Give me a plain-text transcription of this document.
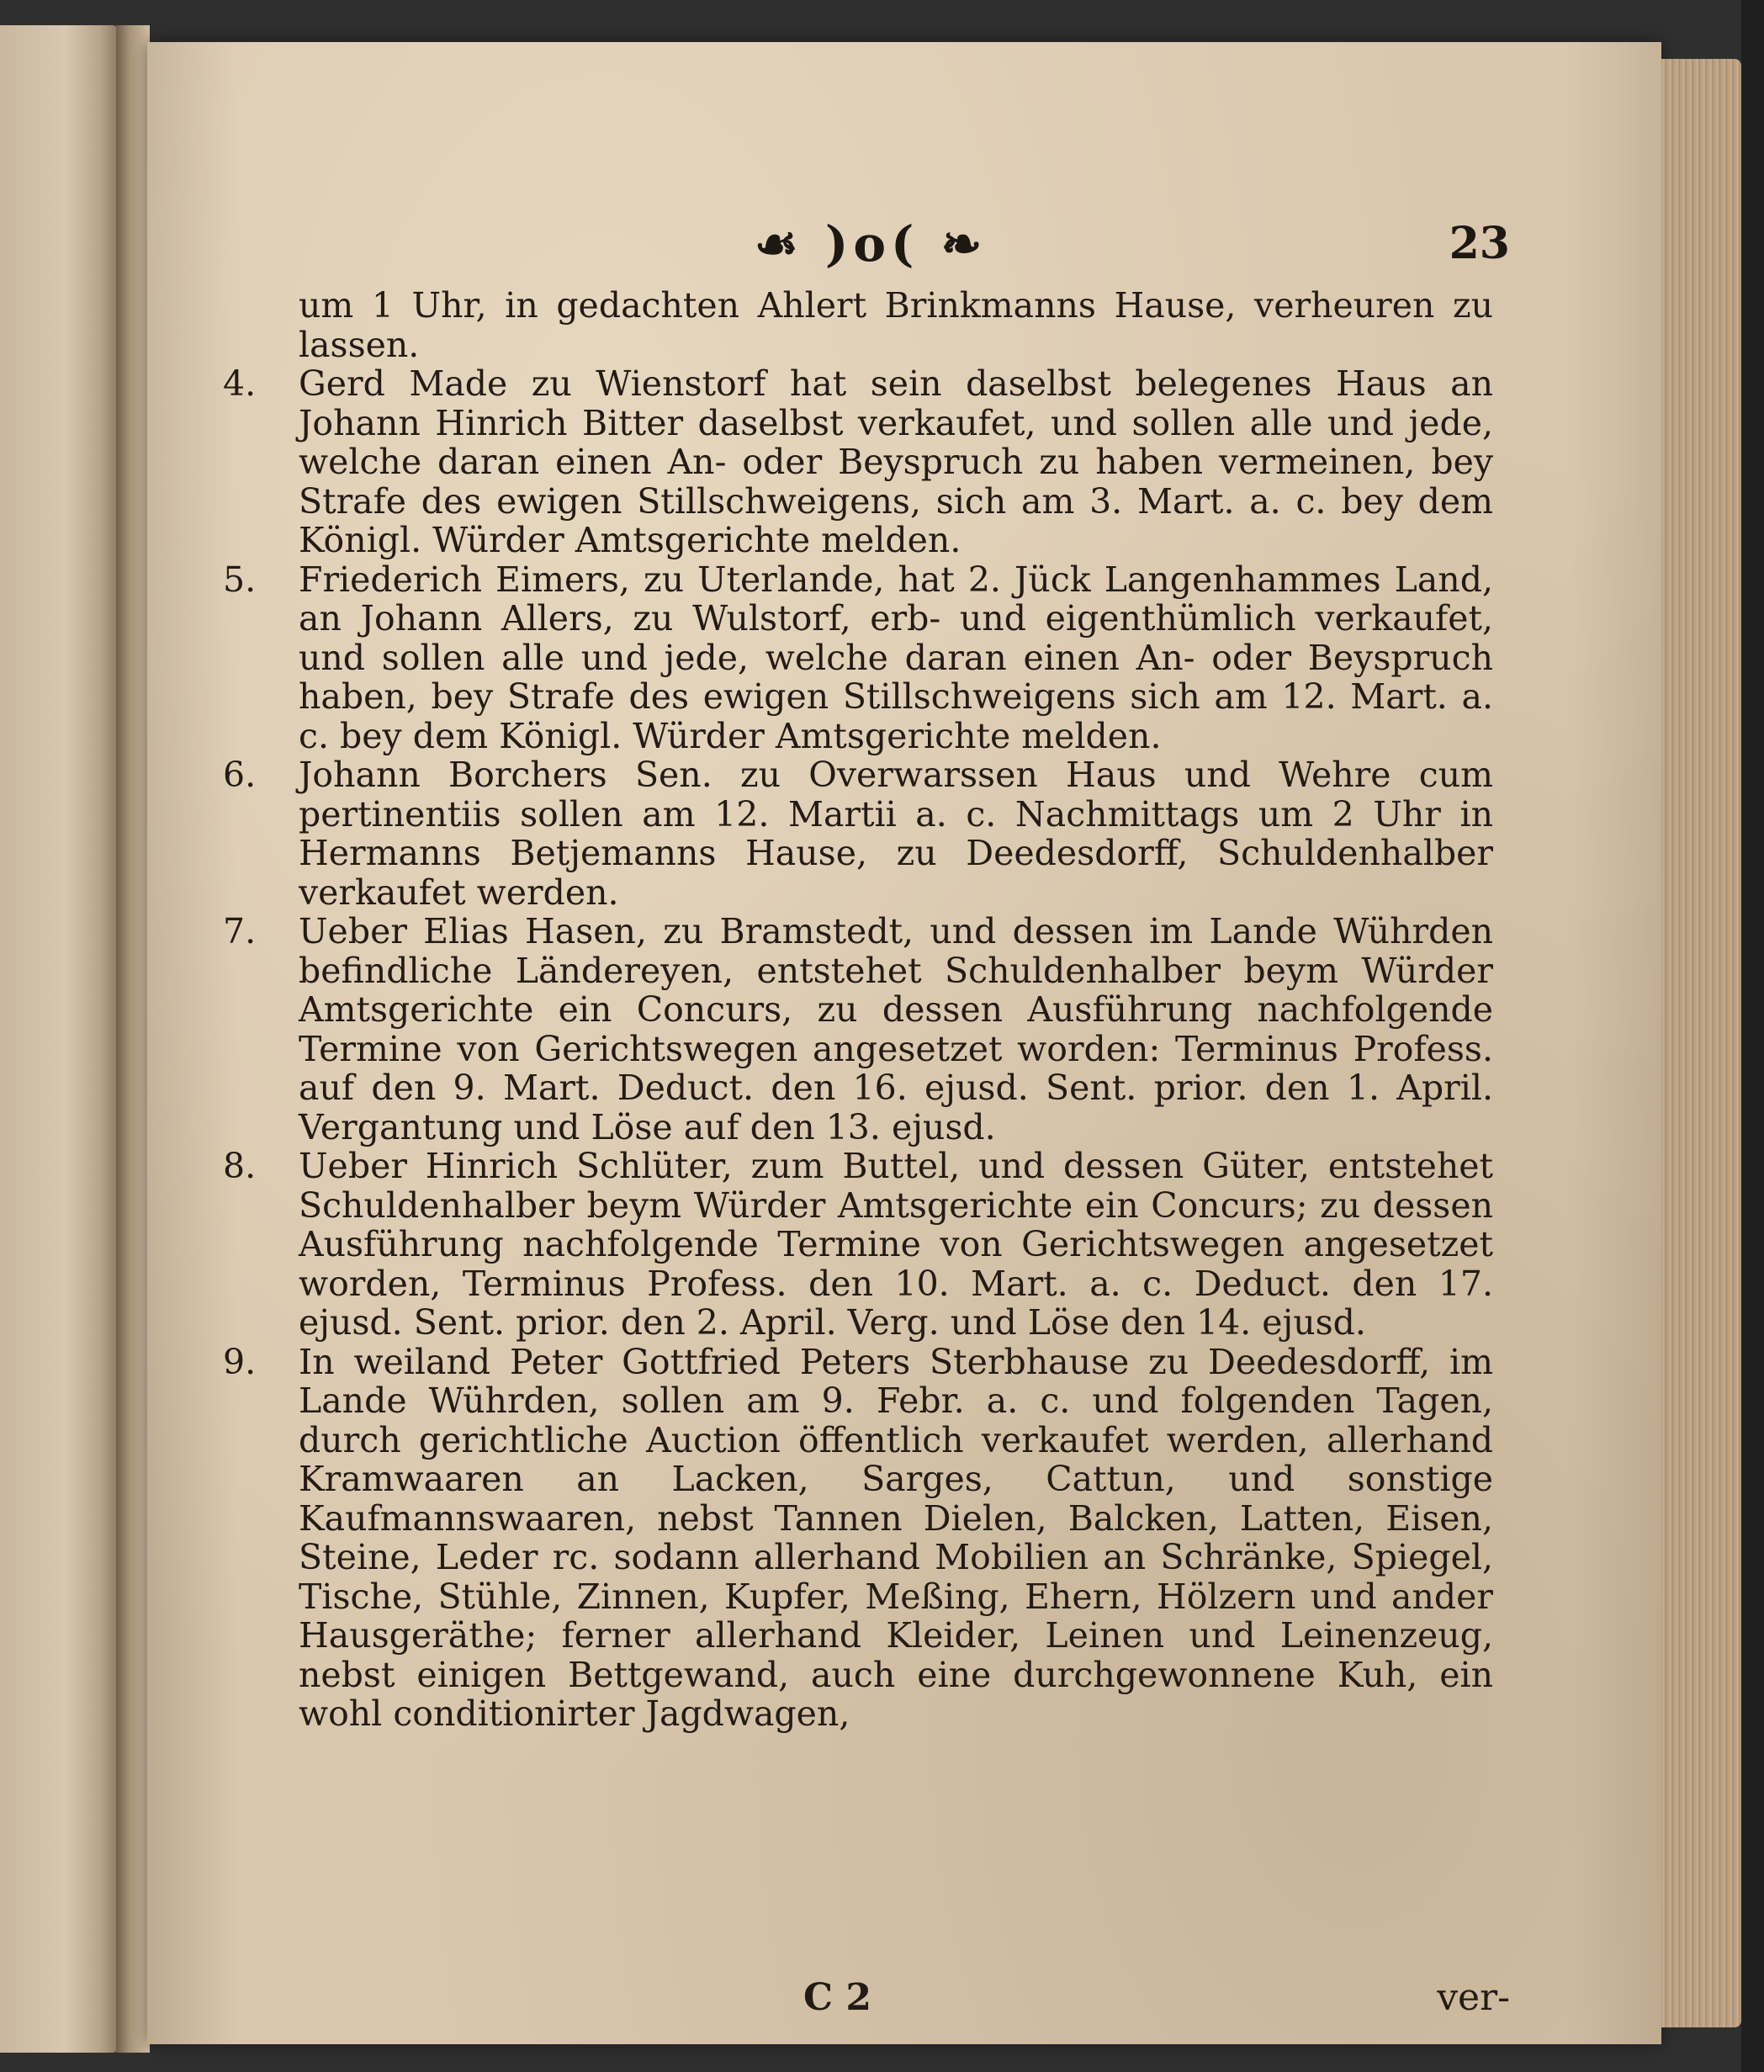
☙ )o( ❧	23

um 1 Uhr, in gedachten Ahlert Brinkmanns Hause, verheuren zu lassen.

4.	Gerd Made zu Wienstorf hat sein daselbst belegenes Haus an Johann Hinrich Bitter daselbst verkaufet, und sollen alle und jede, welche daran einen An- oder Beyspruch zu haben vermeinen, bey Strafe des ewigen Stillschweigens, sich am 3. Mart. a. c. bey dem Königl. Würder Amtsgerichte melden.

5.	Friederich Eimers, zu Uterlande, hat 2. Jück Langenhammes Land, an Johann Allers, zu Wulstorf, erb- und eigenthümlich verkaufet, und sollen alle und jede, welche daran einen An- oder Beyspruch haben, bey Strafe des ewigen Stillschweigens sich am 12. Mart. a. c. bey dem Königl. Würder Amtsgerichte melden.

6.	Johann Borchers Sen. zu Overwarssen Haus und Wehre cum pertinentiis sollen am 12. Martii a. c. Nachmittags um 2 Uhr in Hermanns Betjemanns Hause, zu Deedesdorff, Schuldenhalber verkaufet werden.

7.	Ueber Elias Hasen, zu Bramstedt, und dessen im Lande Wührden befindliche Ländereyen, entstehet Schuldenhalber beym Würder Amtsgerichte ein Concurs, zu dessen Ausführung nachfolgende Termine von Gerichtswegen angesetzet worden: Terminus Profess. auf den 9. Mart. Deduct. den 16. ejusd. Sent. prior. den 1. April. Vergantung und Löse auf den 13. ejusd.

8.	Ueber Hinrich Schlüter, zum Buttel, und dessen Güter, entstehet Schuldenhalber beym Würder Amtsgerichte ein Concurs; zu dessen Ausführung nachfolgende Termine von Gerichtswegen angesetzet worden, Terminus Profess. den 10. Mart. a. c. Deduct. den 17. ejusd. Sent. prior. den 2. April. Verg. und Löse den 14. ejusd.

9.	In weiland Peter Gottfried Peters Sterbhause zu Deedesdorff, im Lande Wührden, sollen am 9. Febr. a. c. und folgenden Tagen, durch gerichtliche Auction öffentlich verkaufet werden, allerhand Kramwaaren an Lacken, Sarges, Cattun, und sonstige Kaufmannswaaren, nebst Tannen Dielen, Balcken, Latten, Eisen, Steine, Leder rc. sodann allerhand Mobilien an Schränke, Spiegel, Tische, Stühle, Zinnen, Kupfer, Meßing, Ehern, Hölzern und ander Hausgeräthe; ferner allerhand Kleider, Leinen und Leinenzeug, nebst einigen Bettgewand, auch eine durchgewonnene Kuh, ein wohl conditionirter Jagdwagen,

C 2	ver-
